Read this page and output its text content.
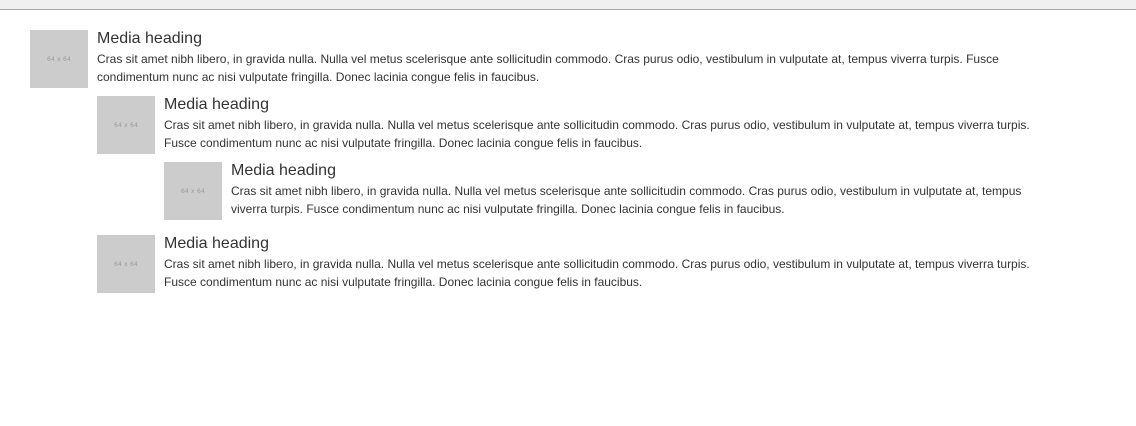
64 x 64
Media heading

Cras sit amet nibh libero, in gravida nulla. Nulla vel metus scelerisque ante sollicitudin commodo. Cras purus odio, vestibulum in vulputate at, tempus viverra turpis. Fusce condimentum nunc ac nisi vulputate fringilla. Donec lacinia congue felis in faucibus.

64 x 64
Media heading

Cras sit amet nibh libero, in gravida nulla. Nulla vel metus scelerisque ante sollicitudin commodo. Cras purus odio, vestibulum in vulputate at, tempus viverra turpis. Fusce condimentum nunc ac nisi vulputate fringilla. Donec lacinia congue felis in faucibus.

64 x 64
Media heading

Cras sit amet nibh libero, in gravida nulla. Nulla vel metus scelerisque ante sollicitudin commodo. Cras purus odio, vestibulum in vulputate at, tempus viverra turpis. Fusce condimentum nunc ac nisi vulputate fringilla. Donec lacinia congue felis in faucibus.

64 x 64
Media heading

Cras sit amet nibh libero, in gravida nulla. Nulla vel metus scelerisque ante sollicitudin commodo. Cras purus odio, vestibulum in vulputate at, tempus viverra turpis. Fusce condimentum nunc ac nisi vulputate fringilla. Donec lacinia congue felis in faucibus.
